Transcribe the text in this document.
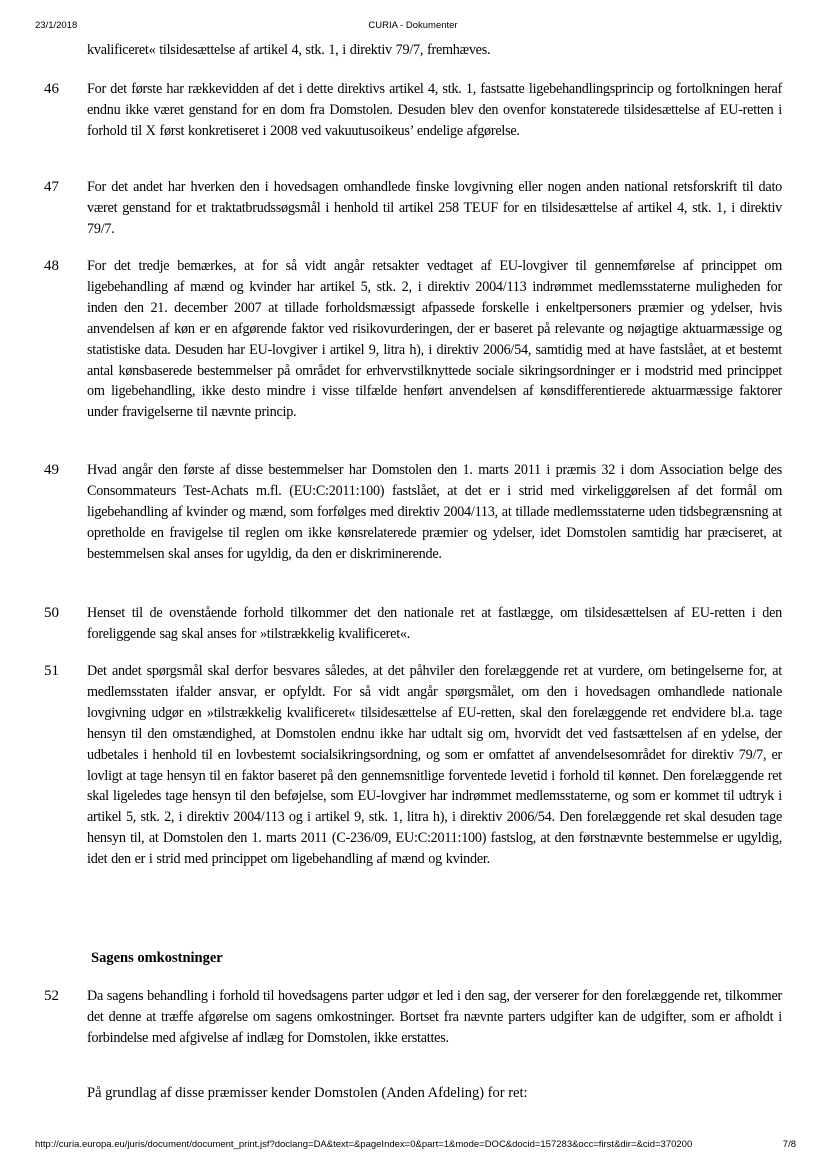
23/1/2018	CURIA - Dokumenter
kvalificeret« tilsidesættelse af artikel 4, stk. 1, i direktiv 79/7, fremhæves.
46 For det første har rækkevidden af det i dette direktivs artikel 4, stk. 1, fastsatte ligebehandlingsprincip og fortolkningen heraf endnu ikke været genstand for en dom fra Domstolen. Desuden blev den ovenfor konstaterede tilsidesættelse af EU-retten i forhold til X først konkretiseret i 2008 ved vakuutusoikeus’ endelige afgørelse.
47 For det andet har hverken den i hovedsagen omhandlede finske lovgivning eller nogen anden national retsforskrift til dato været genstand for et traktatbrudssøgsmål i henhold til artikel 258 TEUF for en tilsidesættelse af artikel 4, stk. 1, i direktiv 79/7.
48 For det tredje bemærkes, at for så vidt angår retsakter vedtaget af EU-lovgiver til gennemførelse af princippet om ligebehandling af mænd og kvinder har artikel 5, stk. 2, i direktiv 2004/113 indrømmet medlemsstaterne muligheden for inden den 21. december 2007 at tillade forholdsmæssigt afpassede forskelle i enkeltpersoners præmier og ydelser, hvis anvendelsen af køn er en afgørende faktor ved risikovurderingen, der er baseret på relevante og nøjagtige aktuarmæssige og statistiske data. Desuden har EU-lovgiver i artikel 9, litra h), i direktiv 2006/54, samtidig med at have fastslået, at et bestemt antal kønsbaserede bestemmelser på området for erhvervstilknyttede sociale sikringsordninger er i modstrid med princippet om ligebehandling, ikke desto mindre i visse tilfælde henført anvendelsen af kønsdifferentierede aktuarmæssige faktorer under fravigelserne til nævnte princip.
49 Hvad angår den første af disse bestemmelser har Domstolen den 1. marts 2011 i præmis 32 i dom Association belge des Consommateurs Test-Achats m.fl. (EU:C:2011:100) fastslået, at det er i strid med virkeliggørelsen af det formål om ligebehandling af kvinder og mænd, som forfølges med direktiv 2004/113, at tillade medlemsstaterne uden tidsbegrænsning at opretholde en fravigelse til reglen om ikke kønsrelaterede præmier og ydelser, idet Domstolen samtidig har præciseret, at bestemmelsen skal anses for ugyldig, da den er diskriminerende.
50 Henset til de ovenstående forhold tilkommer det den nationale ret at fastlægge, om tilsidesættelsen af EU-retten i den foreliggende sag skal anses for »tilstrækkelig kvalificeret«.
51 Det andet spørgsmål skal derfor besvares således, at det påhviler den forelæggende ret at vurdere, om betingelserne for, at medlemsstaten ifalder ansvar, er opfyldt. For så vidt angår spørgsmålet, om den i hovedsagen omhandlede nationale lovgivning udgør en »tilstrækkelig kvalificeret« tilsidesættelse af EU-retten, skal den forelæggende ret endvidere bl.a. tage hensyn til den omstændighed, at Domstolen endnu ikke har udtalt sig om, hvorvidt det ved fastsættelsen af en ydelse, der udbetales i henhold til en lovbestemt socialsikringsordning, og som er omfattet af anvendelsesområdet for direktiv 79/7, er lovligt at tage hensyn til en faktor baseret på den gennemsnitlige forventede levetid i forhold til kønnet. Den forelæggende ret skal ligeledes tage hensyn til den beføjelse, som EU-lovgiver har indrømmet medlemsstaterne, og som er kommet til udtryk i artikel 5, stk. 2, i direktiv 2004/113 og i artikel 9, stk. 1, litra h), i direktiv 2006/54. Den forelæggende ret skal desuden tage hensyn til, at Domstolen den 1. marts 2011 (C-236/09, EU:C:2011:100) fastslog, at den førstnævnte bestemmelse er ugyldig, idet den er i strid med princippet om ligebehandling af mænd og kvinder.
Sagens omkostninger
52 Da sagens behandling i forhold til hovedsagens parter udgør et led i den sag, der verserer for den forelæggende ret, tilkommer det denne at træffe afgørelse om sagens omkostninger. Bortset fra nævnte parters udgifter kan de udgifter, som er afholdt i forbindelse med afgivelse af indlæg for Domstolen, ikke erstattes.
På grundlag af disse præmisser kender Domstolen (Anden Afdeling) for ret:
http://curia.europa.eu/juris/document/document_print.jsf?doclang=DA&text=&pageIndex=0&part=1&mode=DOC&docid=157283&occ=first&dir=&cid=370200	7/8
